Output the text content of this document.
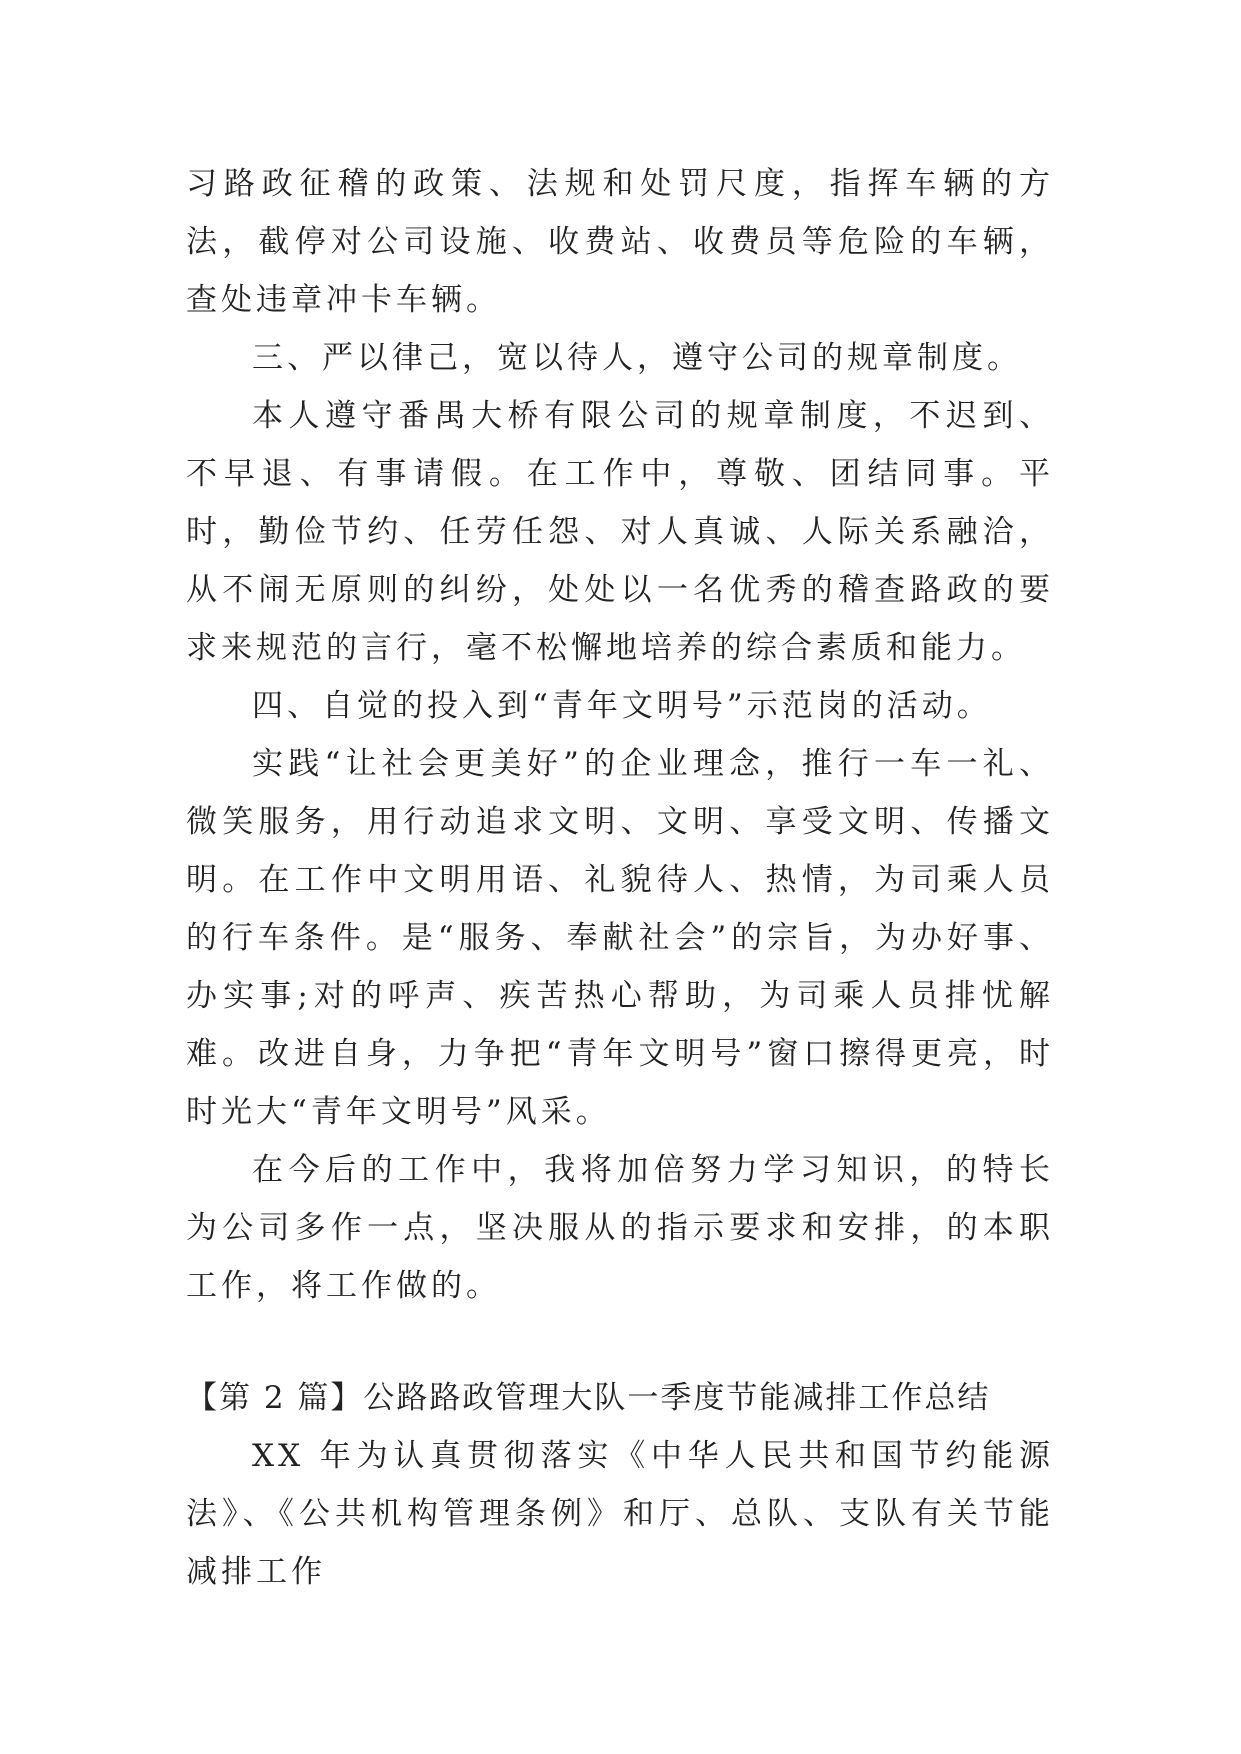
习路政征稽的政策、法规和处罚尺度，指挥车辆的方法，截停对公司设施、收费站、收费员等危险的车辆，查处违章冲卡车辆。

三、严以律己，宽以待人，遵守公司的规章制度。

本人遵守番禺大桥有限公司的规章制度，不迟到、不早退、有事请假。在工作中，尊敬、团结同事。平时，勤俭节约、任劳任怨、对人真诚、人际关系融洽，从不闹无原则的纠纷，处处以一名优秀的稽查路政的要求来规范的言行，毫不松懈地培养的综合素质和能力。

四、自觉的投入到“青年文明号”示范岗的活动。

实践“让社会更美好”的企业理念，推行一车一礼、微笑服务，用行动追求文明、文明、享受文明、传播文明。在工作中文明用语、礼貌待人、热情，为司乘人员的行车条件。是“服务、奉献社会”的宗旨，为办好事、办实事;对的呼声、疾苦热心帮助，为司乘人员排忧解难。改进自身，力争把“青年文明号”窗口擦得更亮，时时光大“青年文明号”风采。

在今后的工作中，我将加倍努力学习知识，的特长为公司多作一点，坚决服从的指示要求和安排，的本职工作，将工作做的。

【第 2 篇】公路路政管理大队一季度节能减排工作总结

XX 年为认真贯彻落实《中华人民共和国节约能源法》、《公共机构管理条例》和厅、总队、支队有关节能减排工作
